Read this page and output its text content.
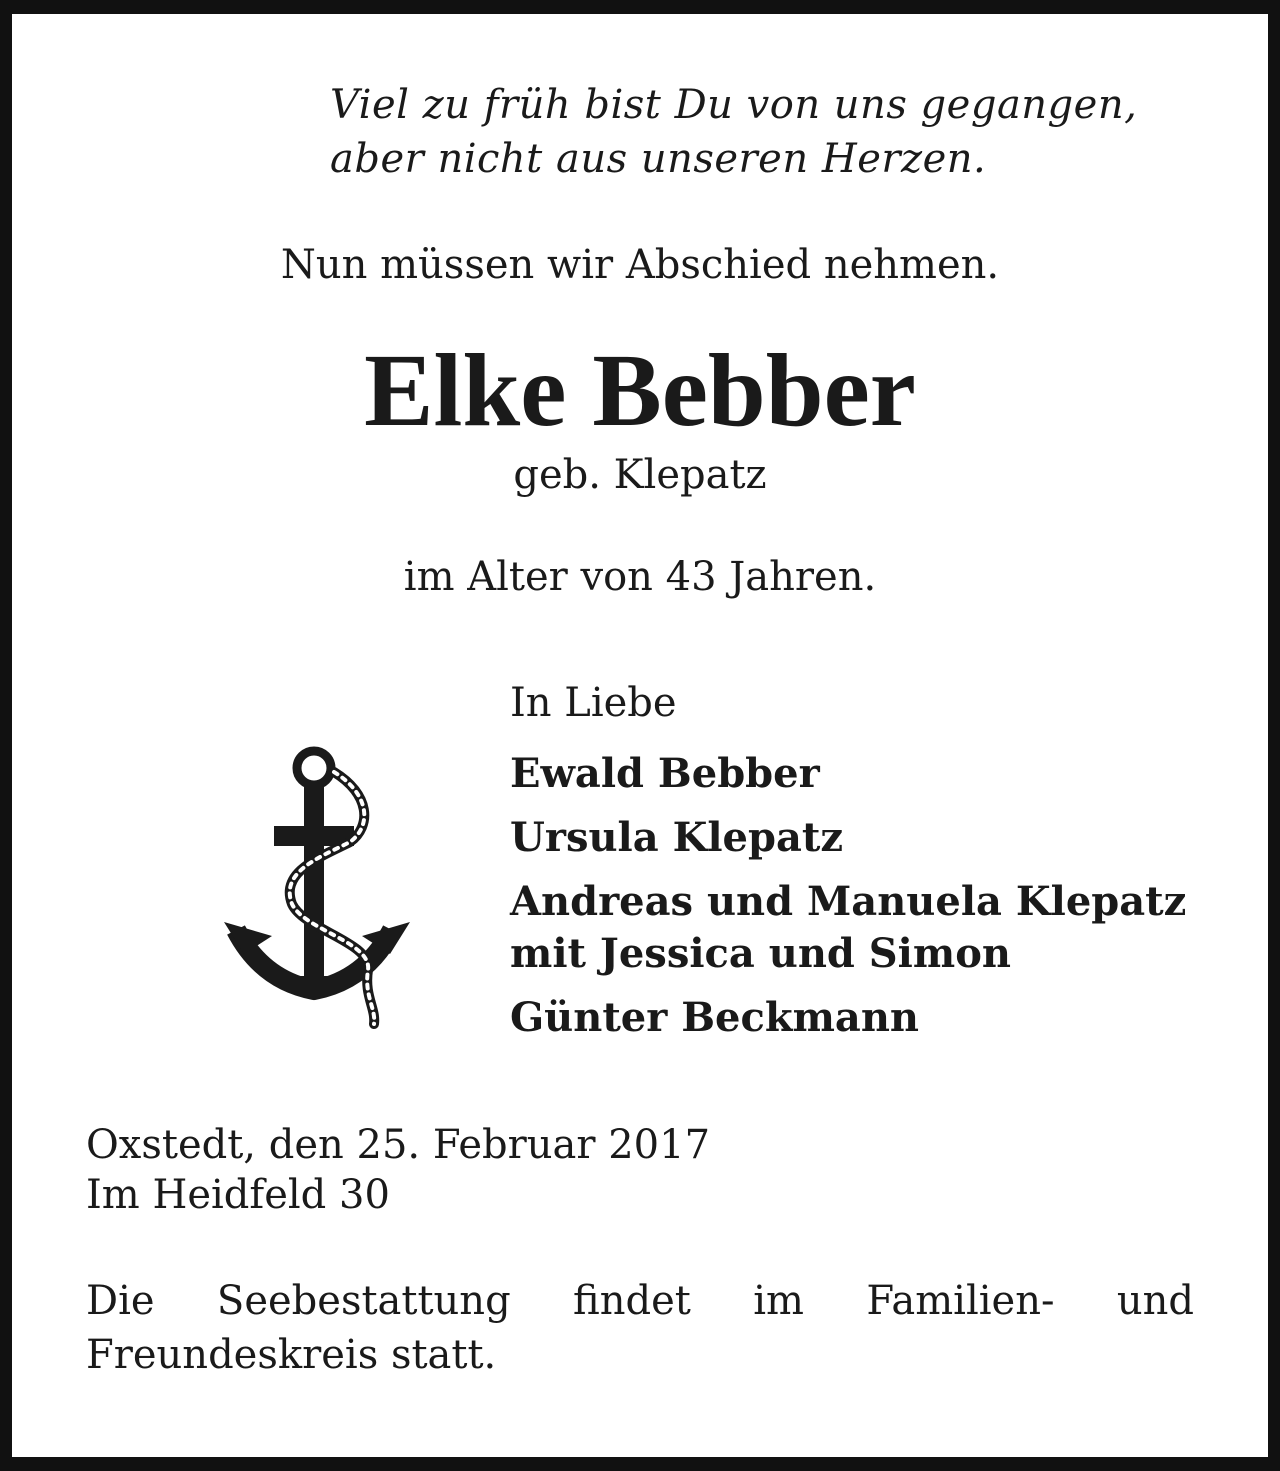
Viel zu früh bist Du von uns gegangen,
aber nicht aus unseren Herzen.
Nun müssen wir Abschied nehmen.
Elke Bebber
geb. Klepatz
im Alter von 43 Jahren.
In Liebe
Ewald Bebber
Ursula Klepatz
Andreas und Manuela Klepatz
mit Jessica und Simon
Günter Beckmann
Oxstedt, den 25. Februar 2017
Im Heidfeld 30
Die Seebestattung findet im Familien- und Freundeskreis statt.
